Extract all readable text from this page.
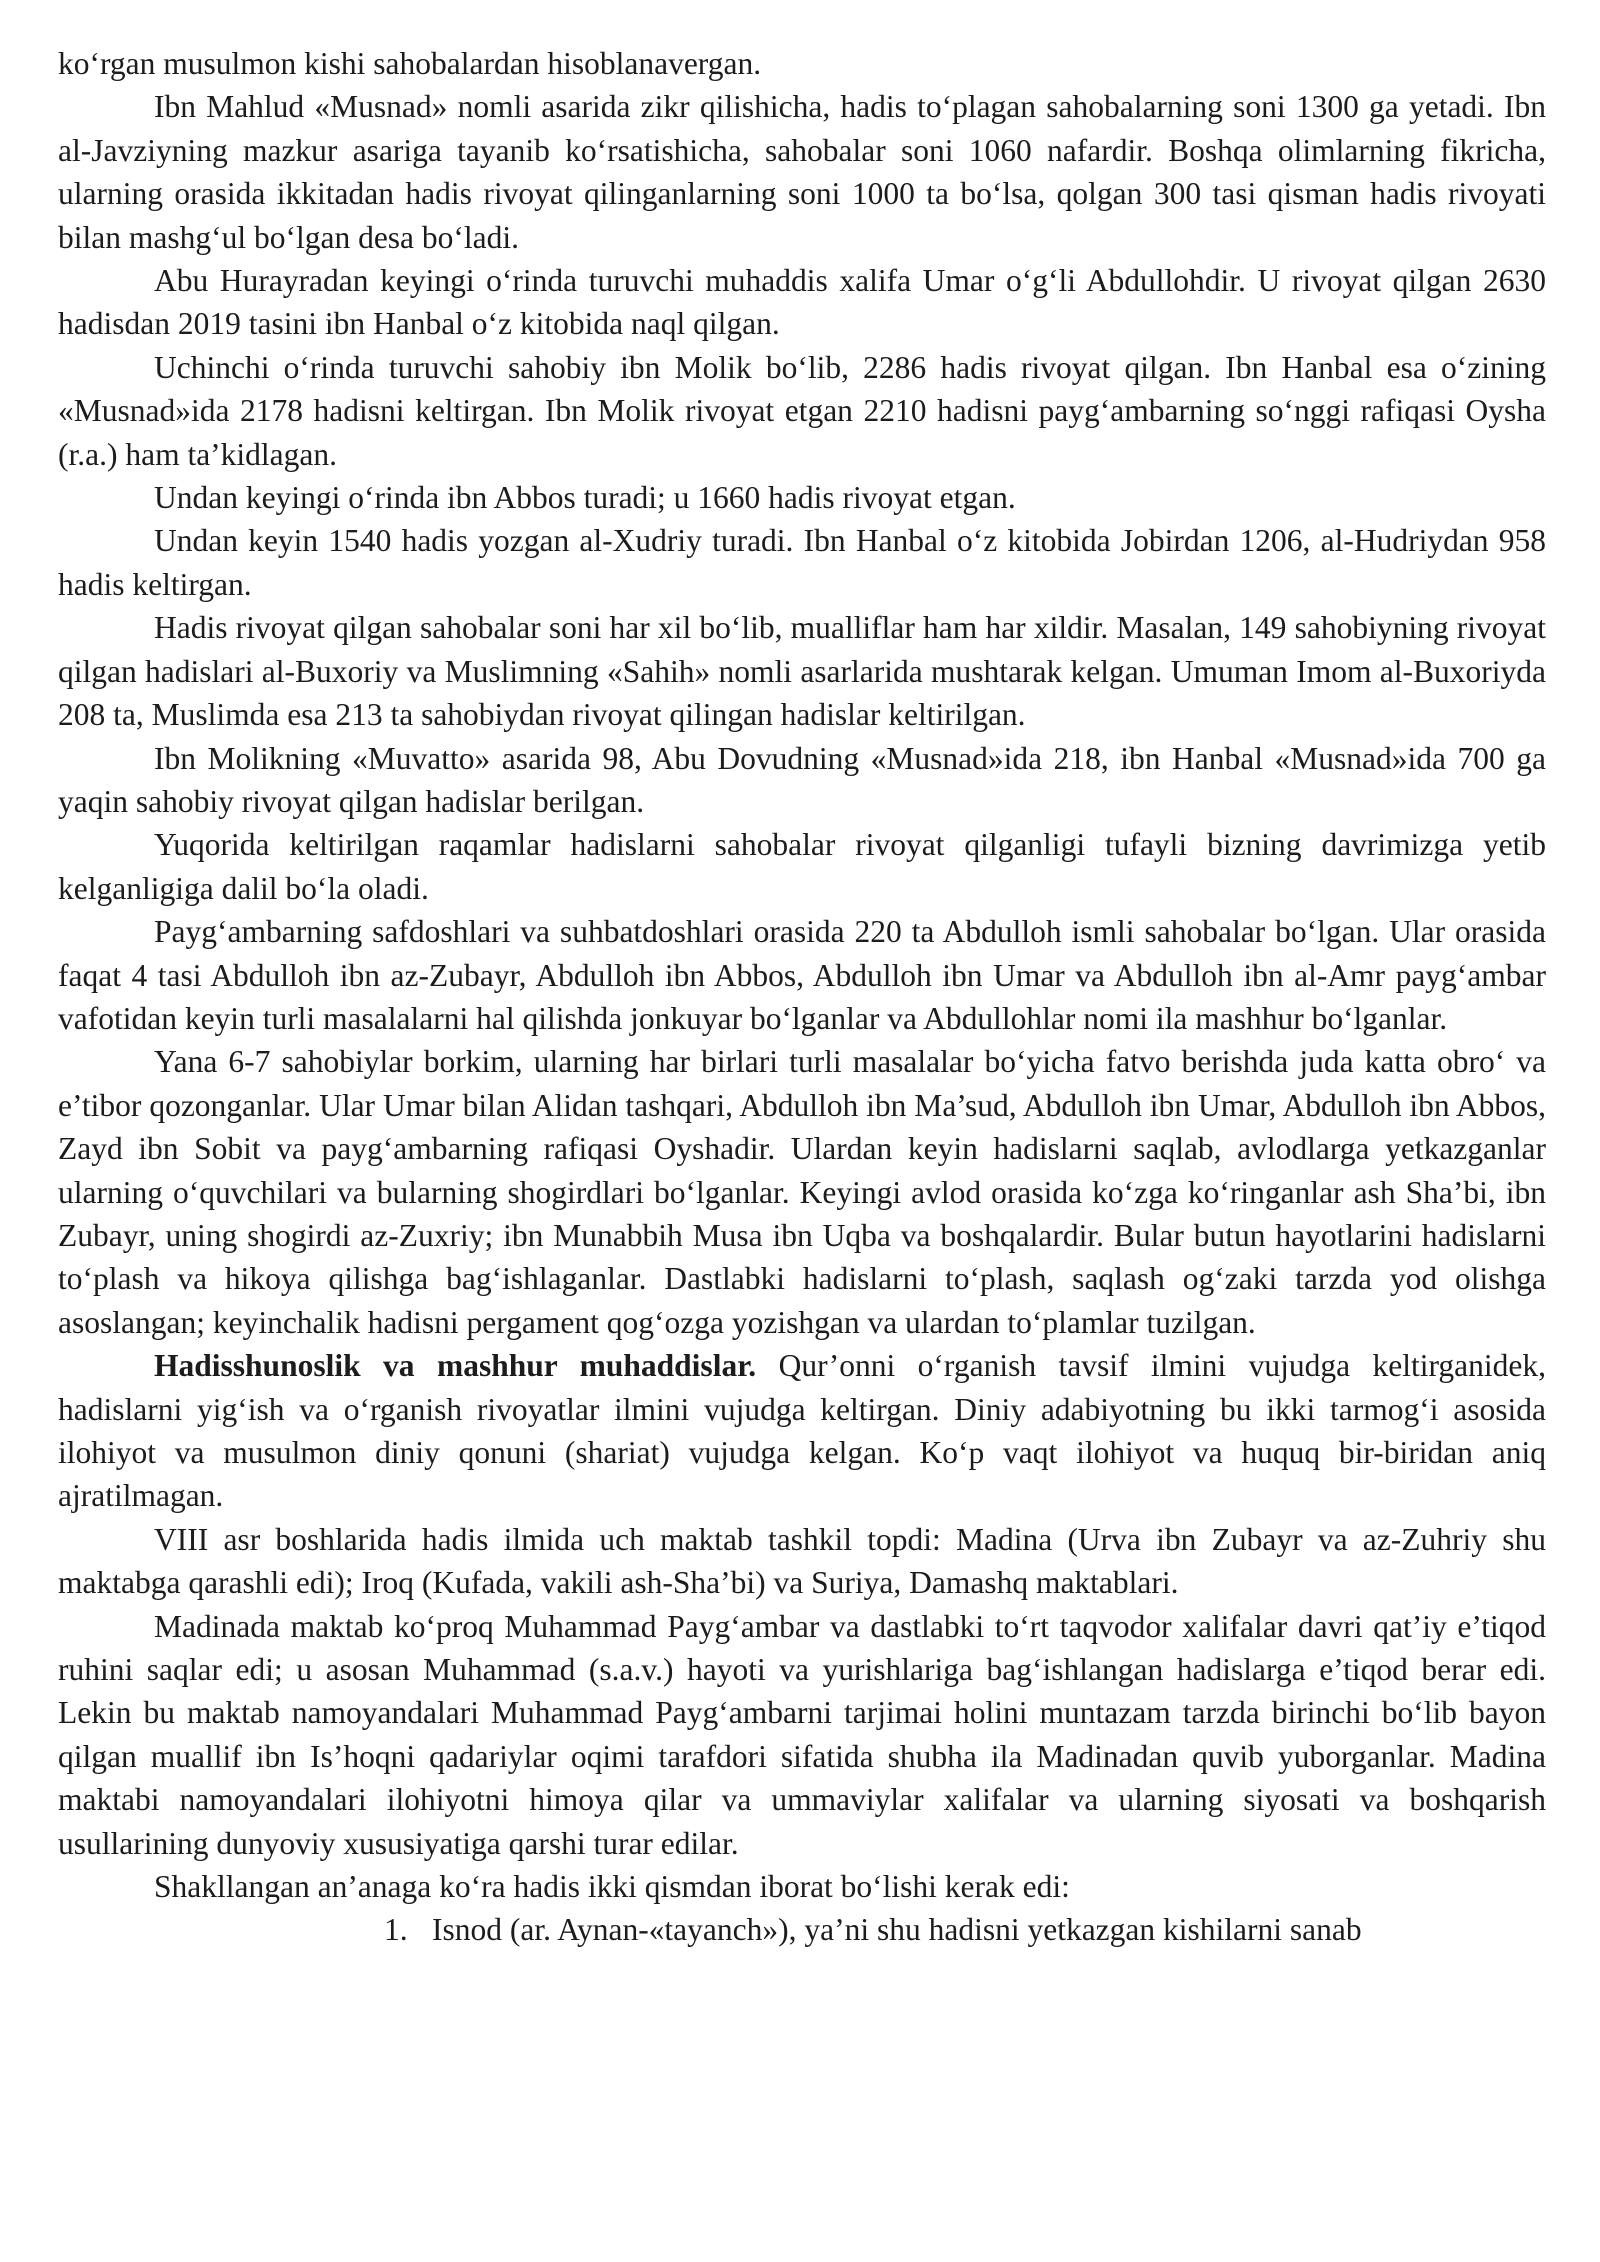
ko‘rgan musulmon kishi sahobalardan hisoblanavergan.

Ibn Mahlud «Musnad» nomli asarida zikr qilishicha, hadis to‘plagan sahobalarning soni 1300 ga yetadi. Ibn al-Javziyning mazkur asariga tayanib ko‘rsatishicha, sahobalar soni 1060 nafardir. Boshqa olimlarning fikricha, ularning orasida ikkitadan hadis rivoyat qilinganlarning soni 1000 ta bo‘lsa, qolgan 300 tasi qisman hadis rivoyati bilan mashg‘ul bo‘lgan desa bo‘ladi.

Abu Hurayradan keyingi o‘rinda turuvchi muhaddis xalifa Umar o‘g‘li Abdullohdir. U rivoyat qilgan 2630 hadisdan 2019 tasini ibn Hanbal o‘z kitobida naql qilgan.

Uchinchi o‘rinda turuvchi sahobiy ibn Molik bo‘lib, 2286 hadis rivoyat qilgan. Ibn Hanbal esa o‘zining «Musnad»ida 2178 hadisni keltirgan. Ibn Molik rivoyat etgan 2210 hadisni payg‘ambarning so‘nggi rafiqasi Oysha (r.a.) ham ta’kidlagan.

Undan keyingi o‘rinda ibn Abbos turadi; u 1660 hadis rivoyat etgan.

Undan keyin 1540 hadis yozgan al-Xudriy turadi. Ibn Hanbal o‘z kitobida Jobirdan 1206, al-Hudriydan 958 hadis keltirgan.

Hadis rivoyat qilgan sahobalar soni har xil bo‘lib, mualliflar ham har xildir. Masalan, 149 sahobiyning rivoyat qilgan hadislari al-Buxoriy va Muslimning «Sahih» nomli asarlarida mushtarak kelgan. Umuman Imom al-Buxoriyda 208 ta, Muslimda esa 213 ta sahobiydan rivoyat qilingan hadislar keltirilgan.

Ibn Molikning «Muvatto» asarida 98, Abu Dovudning «Musnad»ida 218, ibn Hanbal «Musnad»ida 700 ga yaqin sahobiy rivoyat qilgan hadislar berilgan.

Yuqorida keltirilgan raqamlar hadislarni sahobalar rivoyat qilganligi tufayli bizning davrimizga yetib kelganligiga dalil bo‘la oladi.

Payg‘ambarning safdoshlari va suhbatdoshlari orasida 220 ta Abdulloh ismli sahobalar bo‘lgan. Ular orasida faqat 4 tasi Abdulloh ibn az-Zubayr, Abdulloh ibn Abbos, Abdulloh ibn Umar va Abdulloh ibn al-Amr payg‘ambar vafotidan keyin turli masalalarni hal qilishda jonkuyar bo‘lganlar va Abdullohlar nomi ila mashhur bo‘lganlar.

Yana 6-7 sahobiylar borkim, ularning har birlari turli masalalar bo‘yicha fatvo berishda juda katta obro‘ va e’tibor qozonganlar. Ular Umar bilan Alidan tashqari, Abdulloh ibn Ma’sud, Abdulloh ibn Umar, Abdulloh ibn Abbos, Zayd ibn Sobit va payg‘ambarning rafiqasi Oyshadir. Ulardan keyin hadislarni saqlab, avlodlarga yetkazganlar ularning o‘quvchilari va bularning shogirdlari bo‘lganlar. Keyingi avlod orasida ko‘zga ko‘ringanlar ash Sha’bi, ibn Zubayr, uning shogirdi az-Zuxriy; ibn Munabbih Musa ibn Uqba va boshqalardir. Bular butun hayotlarini hadislarni to‘plash va hikoya qilishga bag‘ishlaganlar. Dastlabki hadislarni to‘plash, saqlash og‘zaki tarzda yod olishga asoslangan; keyinchalik hadisni pergament qog‘ozga yozishgan va ulardan to‘plamlar tuzilgan.

Hadisshunoslik va mashhur muhaddislar. Qur’onni o‘rganish tavsif ilmini vujudga keltirganidek, hadislarni yig‘ish va o‘rganish rivoyatlar ilmini vujudga keltirgan. Diniy adabiyotning bu ikki tarmog‘i asosida ilohiyot va musulmon diniy qonuni (shariat) vujudga kelgan. Ko‘p vaqt ilohiyot va huquq bir-biridan aniq ajratilmagan.

VIII asr boshlarida hadis ilmida uch maktab tashkil topdi: Madina (Urva ibn Zubayr va az-Zuhriy shu maktabga qarashli edi); Iroq (Kufada, vakili ash-Sha’bi) va Suriya, Damashq maktablari.

Madinada maktab ko‘proq Muhammad Payg‘ambar va dastlabki to‘rt taqvodor xalifalar davri qat’iy e’tiqod ruhini saqlar edi; u asosan Muhammad (s.a.v.) hayoti va yurishlariga bag‘ishlangan hadislarga e’tiqod berar edi. Lekin bu maktab namoyandalari Muhammad Payg‘ambarni tarjimai holini muntazam tarzda birinchi bo‘lib bayon qilgan muallif ibn Is’hoqni qadariylar oqimi tarafdori sifatida shubha ila Madinadan quvib yuborganlar. Madina maktabi namoyandalari ilohiyotni himoya qilar va ummaviylar xalifalar va ularning siyosati va boshqarish usullarining dunyoviy xususiyatiga qarshi turar edilar.

Shakllangan an’anaga ko‘ra hadis ikki qismdan iborat bo‘lishi kerak edi:

1. Isnod (ar. Aynan-«tayanch»), ya’ni shu hadisni yetkazgan kishilarni sanab
